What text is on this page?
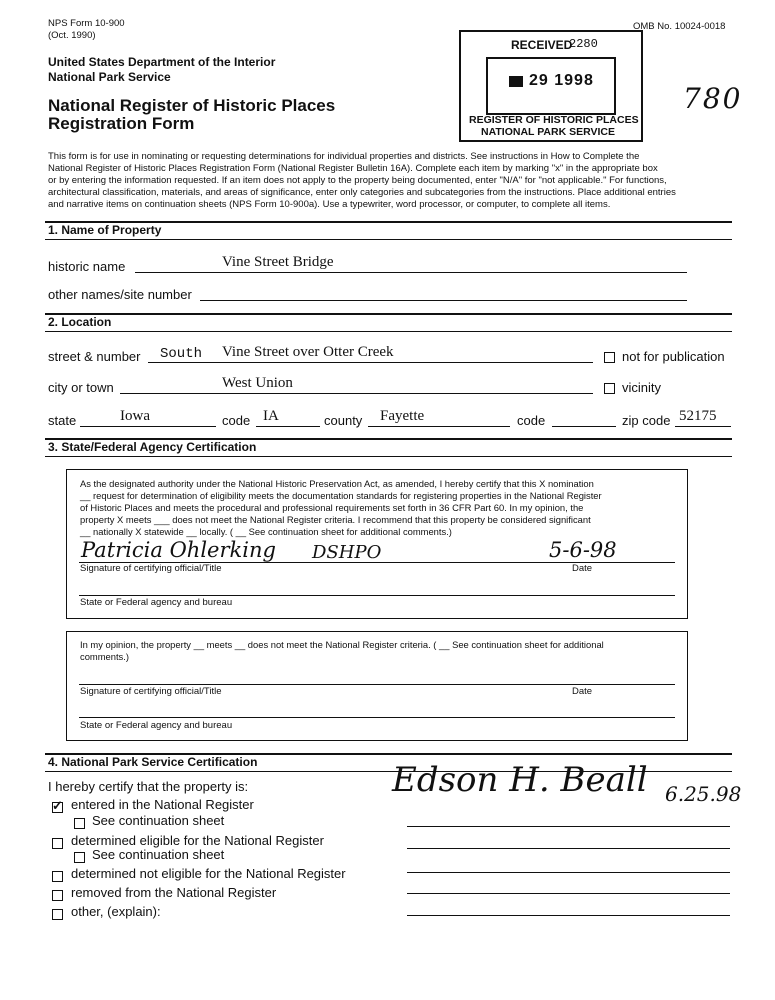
NPS Form 10-900
(Oct. 1990)
OMB No. 10024-0018
United States Department of the Interior
National Park Service
National Register of Historic Places
Registration Form
780
RECEIVED
2280
29 1998
REGISTER OF HISTORIC PLACES
NATIONAL PARK SERVICE
This form is for use in nominating or requesting determinations for individual properties and districts. See instructions in How to Complete the
National Register of Historic Places Registration Form (National Register Bulletin 16A). Complete each item by marking "x" in the appropriate box
or by entering the information requested. If an item does not apply to the property being documented, enter "N/A" for "not applicable." For functions,
architectural classification, materials, and areas of significance, enter only categories and subcategories from the instructions. Place additional entries
and narrative items on continuation sheets (NPS Form 10-900a). Use a typewriter, word processor, or computer, to complete all items.
1. Name of Property
historic name	Vine Street Bridge
other names/site number
2. Location
street & number South Vine Street over Otter Creek	not for publication
city or town	West Union	vicinity
state	Iowa	code IA	county Fayette	code	zip code 52175
3. State/Federal Agency Certification
As the designated authority under the National Historic Preservation Act, as amended, I hereby certify that this X nomination
__ request for determination of eligibility meets the documentation standards for registering properties in the National Register
of Historic Places and meets the procedural and professional requirements set forth in 36 CFR Part 60. In my opinion, the
property X meets ___ does not meet the National Register criteria. I recommend that this property be considered significant
__ nationally X statewide __ locally. ( __ See continuation sheet for additional comments.)
Patricia Ohlerking DSHPO	5-6-98
Signature of certifying official/Title	Date
State or Federal agency and bureau
In my opinion, the property __ meets __ does not meet the National Register criteria. ( __ See continuation sheet for additional
comments.)
Signature of certifying official/Title	Date
State or Federal agency and bureau
4. National Park Service Certification
I hereby certify that the property is:
✓ entered in the National Register
See continuation sheet
determined eligible for the National Register
See continuation sheet
determined not eligible for the National Register
removed from the National Register
other, (explain):
Edson H. Beall 6.25.98
